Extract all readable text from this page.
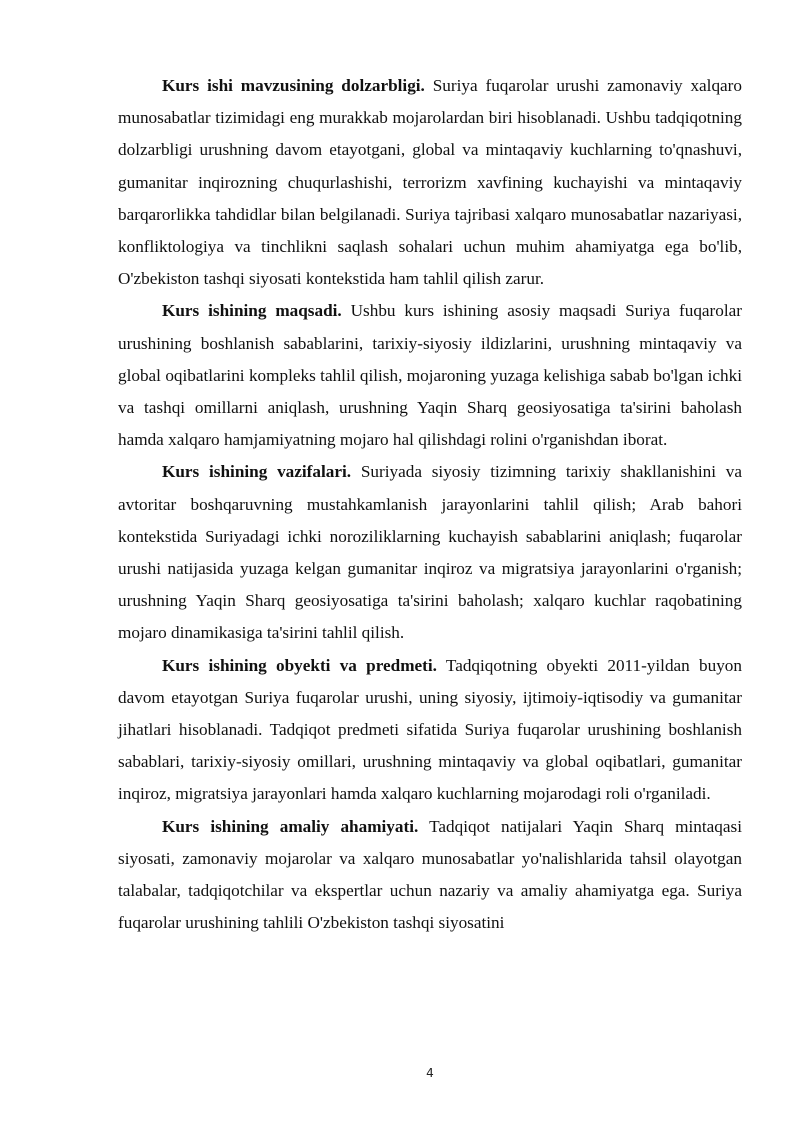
Kurs ishi mavzusining dolzarbligi. Suriya fuqarolar urushi zamonaviy xalqaro munosabatlar tizimidagi eng murakkab mojarolardan biri hisoblanadi. Ushbu tadqiqotning dolzarbligi urushning davom etayotgani, global va mintaqaviy kuchlarning to'qnashuvi, gumanitar inqirozning chuqurlashishi, terrorizm xavfining kuchayishi va mintaqaviy barqarorlikka tahdidlar bilan belgilanadi. Suriya tajribasi xalqaro munosabatlar nazariyasi, konfliktologiya va tinchlikni saqlash sohalari uchun muhim ahamiyatga ega bo'lib, O'zbekiston tashqi siyosati kontekstida ham tahlil qilish zarur.

Kurs ishining maqsadi. Ushbu kurs ishining asosiy maqsadi Suriya fuqarolar urushining boshlanish sabablarini, tarixiy-siyosiy ildizlarini, urushning mintaqaviy va global oqibatlarini kompleks tahlil qilish, mojaroning yuzaga kelishiga sabab bo'lgan ichki va tashqi omillarni aniqlash, urushning Yaqin Sharq geosiyosatiga ta'sirini baholash hamda xalqaro hamjamiyatning mojaro hal qilishdagi rolini o'rganishdan iborat.

Kurs ishining vazifalari. Suriyada siyosiy tizimning tarixiy shakllanishini va avtoritar boshqaruvning mustahkamlanish jarayonlarini tahlil qilish; Arab bahori kontekstida Suriyadagi ichki noroziliklarning kuchayish sabablarini aniqlash; fuqarolar urushi natijasida yuzaga kelgan gumanitar inqiroz va migratsiya jarayonlarini o'rganish; urushning Yaqin Sharq geosiyosatiga ta'sirini baholash; xalqaro kuchlar raqobatining mojaro dinamikasiga ta'sirini tahlil qilish.

Kurs ishining obyekti va predmeti. Tadqiqotning obyekti 2011-yildan buyon davom etayotgan Suriya fuqarolar urushi, uning siyosiy, ijtimoiy-iqtisodiy va gumanitar jihatlari hisoblanadi. Tadqiqot predmeti sifatida Suriya fuqarolar urushining boshlanish sabablari, tarixiy-siyosiy omillari, urushning mintaqaviy va global oqibatlari, gumanitar inqiroz, migratsiya jarayonlari hamda xalqaro kuchlarning mojarodagi roli o'rganiladi.

Kurs ishining amaliy ahamiyati. Tadqiqot natijalari Yaqin Sharq mintaqasi siyosati, zamonaviy mojarolar va xalqaro munosabatlar yo'nalishlarida tahsil olayotgan talabalar, tadqiqotchilar va ekspertlar uchun nazariy va amaliy ahamiyatga ega. Suriya fuqarolar urushining tahlili O'zbekiston tashqi siyosatini

4
